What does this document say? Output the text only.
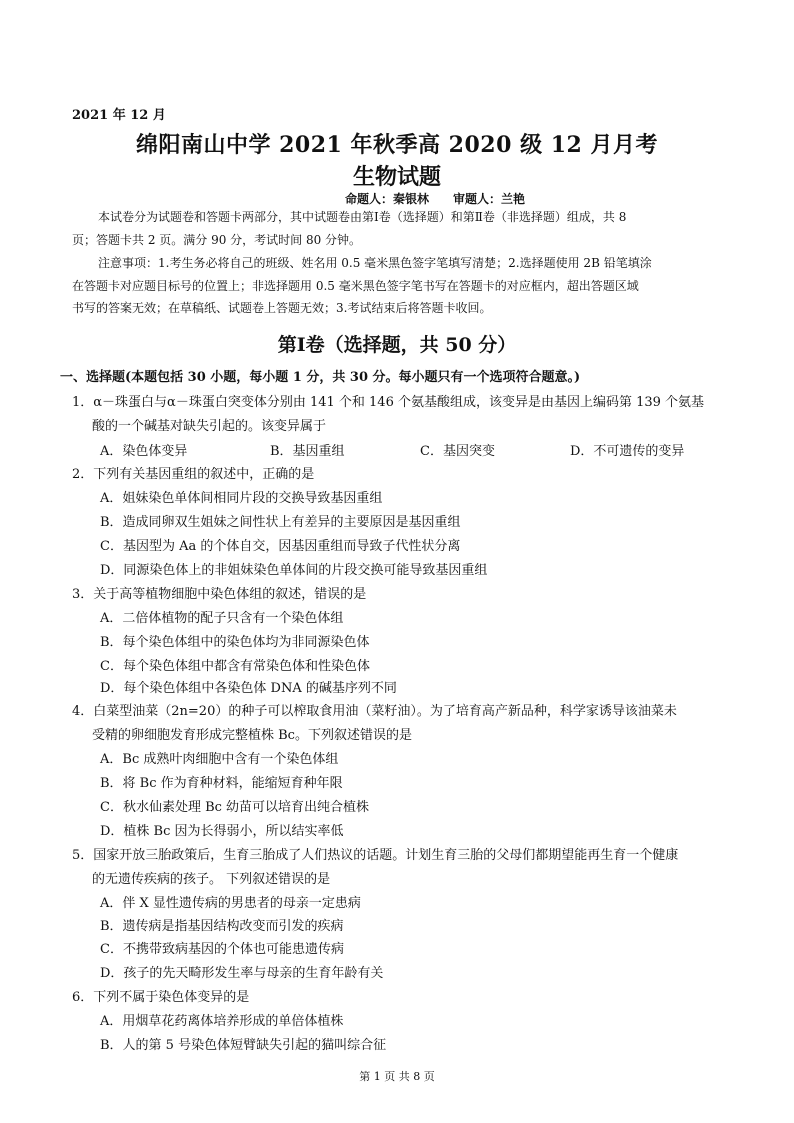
2021 年 12 月
绵阳南山中学 2021 年秋季高 2020 级 12 月月考
生物试题
命题人：秦银林　　审题人：兰艳
本试卷分为试题卷和答题卡两部分，其中试题卷由第Ⅰ卷（选择题）和第Ⅱ卷（非选择题）组成，共 8
页；答题卡共 2 页。满分 90 分，考试时间 80 分钟。
注意事项：1.考生务必将自己的班级、姓名用 0.5 毫米黑色签字笔填写清楚；2.选择题使用 2B 铅笔填涂
在答题卡对应题目标号的位置上；非选择题用 0.5 毫米黑色签字笔书写在答题卡的对应框内，超出答题区域
书写的答案无效；在草稿纸、试题卷上答题无效；3.考试结束后将答题卡收回。
第Ⅰ卷（选择题，共 50 分）
一、选择题(本题包括 30 小题，每小题 1 分，共 30 分。每小题只有一个选项符合题意。)
1．α－珠蛋白与α－珠蛋白突变体分别由 141 个和 146 个氨基酸组成，该变异是由基因上编码第 139 个氨基
酸的一个碱基对缺失引起的。该变异属于
A．染色体变异	B．基因重组	C．基因突变	D．不可遗传的变异
2．下列有关基因重组的叙述中，正确的是
A．姐妹染色单体间相同片段的交换导致基因重组
B．造成同卵双生姐妹之间性状上有差异的主要原因是基因重组
C．基因型为 Aa 的个体自交，因基因重组而导致子代性状分离
D．同源染色体上的非姐妹染色单体间的片段交换可能导致基因重组
3．关于高等植物细胞中染色体组的叙述，错误的是
A．二倍体植物的配子只含有一个染色体组
B．每个染色体组中的染色体均为非同源染色体
C．每个染色体组中都含有常染色体和性染色体
D．每个染色体组中各染色体 DNA 的碱基序列不同
4．白菜型油菜（2n=20）的种子可以榨取食用油（菜籽油）。为了培育高产新品种，科学家诱导该油菜未
受精的卵细胞发育形成完整植株 Bc。下列叙述错误的是
A．Bc 成熟叶肉细胞中含有一个染色体组
B．将 Bc 作为育种材料，能缩短育种年限
C．秋水仙素处理 Bc 幼苗可以培育出纯合植株
D．植株 Bc 因为长得弱小，所以结实率低
5．国家开放三胎政策后，生育三胎成了人们热议的话题。计划生育三胎的父母们都期望能再生育一个健康
的无遗传疾病的孩子。 下列叙述错误的是
A．伴 X 显性遗传病的男患者的母亲一定患病
B．遗传病是指基因结构改变而引发的疾病
C．不携带致病基因的个体也可能患遗传病
D．孩子的先天畸形发生率与母亲的生育年龄有关
6．下列不属于染色体变异的是
A．用烟草花药离体培养形成的单倍体植株
B．人的第 5 号染色体短臂缺失引起的猫叫综合征
第 1 页 共 8 页
